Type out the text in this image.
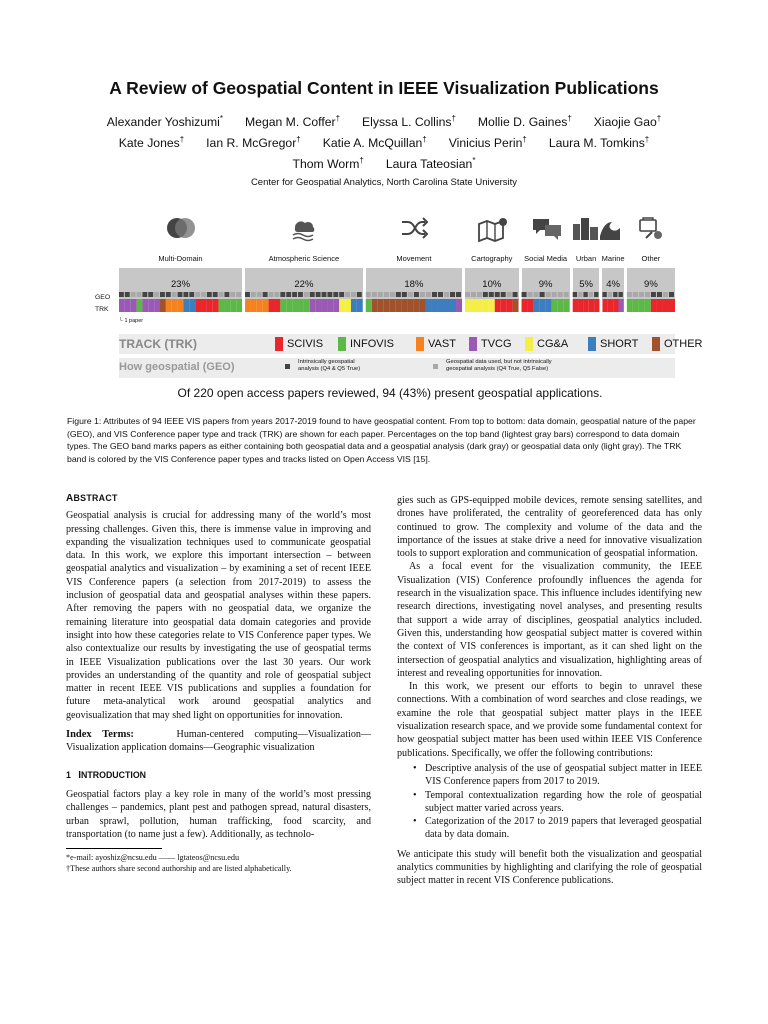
A Review of Geospatial Content in IEEE Visualization Publications
Alexander Yoshizumi* Megan M. Coffer† Elyssa L. Collins† Mollie D. Gaines† Xiaojie Gao†
Kate Jones† Ian R. McGregor† Katie A. McQuillan† Vinicius Perin† Laura M. Tomkins†
Thom Worm† Laura Tateosian*
Center for Geospatial Analytics, North Carolina State University
Multi-Domain	Atmospheric Science	Movement	Cartography Social Media Urban Marine Other
23%	22%	18%	10%	9%	5%	4%	9%
GEO
TRK
└ 1 paper
TRACK (TRK)	SCIVIS INFOVIS	VAST TVCG CG&A	SHORT OTHER
How geospatial (GEO)	Intrinsically geospatial
analysis (Q4 & Q5 True)
Geospatial data used, but not intrinsically
geospatial analysis (Q4 True, Q5 False)
Of 220 open access papers reviewed, 94 (43%) present geospatial applications.
Figure 1: Attributes of 94 IEEE VIS papers from years 2017-2019 found to have geospatial content. From top to bottom: data domain, geospatial nature of the paper (GEO), and VIS Conference paper type and track (TRK) are shown for each paper. Percentages on the top band (lightest gray bars) correspond to data domain types. The GEO band marks papers as either containing both geospatial data and a geospatial analysis (dark gray) or geospatial data only (light gray). The TRK band is colored by the VIS Conference paper types and tracks listed on Open Access VIS [15].
ABSTRACT

Geospatial analysis is crucial for addressing many of the world’s most pressing challenges. Given this, there is immense value in improving and expanding the visualization techniques used to communicate geospatial data. In this work, we explore this important intersection – between geospatial analytics and visualization – by examining a set of recent IEEE VIS Conference papers (a selection from 2017-2019) to assess the inclusion of geospatial data and geospatial analyses within these papers. After removing the papers with no geospatial data, we organize the remaining literature into geospatial data domain categories and provide insight into how these categories relate to VIS Conference paper types. We also contextualize our results by investigating the use of geospatial terms in IEEE Visualization publications over the last 30 years. Our work provides an understanding of the quantity and role of geospatial subject matter in recent IEEE VIS publications and supplies a foundation for future meta-analytical work around geospatial analytics and geovisualization that may shed light on opportunities for innovation.

Index Terms:	Human-centered computing—Visualization—Visualization application domains—Geographic visualization

1 INTRODUCTION

Geospatial factors play a key role in many of the world’s most pressing challenges – pandemics, plant pest and pathogen spread, natural disasters, urban sprawl, pollution, human trafficking, food scarcity, and transportation (to name just a few). Additionally, as technolo-

*e-mail: ayoshiz@ncsu.edu —— lgtateos@ncsu.edu
†These authors share second authorship and are listed alphabetically.

gies such as GPS-equipped mobile devices, remote sensing satellites, and drones have proliferated, the centrality of georeferenced data has only continued to grow. The complexity and volume of the data and the importance of the issues at stake drive a need for innovative visualization tools to support exploration and communication of geospatial information.

As a focal event for the visualization community, the IEEE Visualization (VIS) Conference profoundly influences the agenda for research in the visualization space. This influence includes identifying new research directions, investigating novel analyses, and presenting results that support a wide array of disciplines, geospatial analytics included. Given this, understanding how geospatial subject matter is covered within the context of VIS conferences is important, as it can shed light on the intersection of geospatial analytics and visualization, highlighting areas of interest and revealing opportunities for innovation.

In this work, we present our efforts to begin to unravel these connections. With a combination of word searches and close readings, we examine the role that geospatial subject matter plays in the IEEE visualization research space, and we provide some fundamental context for how geospatial subject matter has been used within IEEE VIS Conference publications. Specifically, we offer the following contributions:

• Descriptive analysis of the use of geospatial subject matter in IEEE VIS Conference papers from 2017 to 2019.
• Temporal contextualization regarding how the role of geospatial subject matter varied across years.
• Categorization of the 2017 to 2019 papers that leveraged geospatial data by data domain.

We anticipate this study will benefit both the visualization and geospatial analytics communities by highlighting and clarifying the role of geospatial subject matter in recent VIS Conference publications.
